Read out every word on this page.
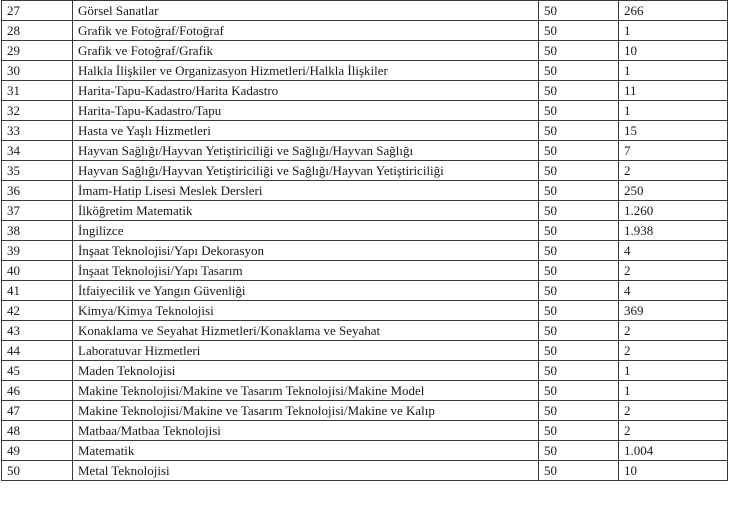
27	Görsel Sanatlar	50	266
28	Grafik ve Fotoğraf/Fotoğraf	50	1
29	Grafik ve Fotoğraf/Grafik	50	10
30	Halkla İlişkiler ve Organizasyon Hizmetleri/Halkla İlişkiler	50	1
31	Harita-Tapu-Kadastro/Harita Kadastro	50	11
32	Harita-Tapu-Kadastro/Tapu	50	1
33	Hasta ve Yaşlı Hizmetleri	50	15
34	Hayvan Sağlığı/Hayvan Yetiştiriciliği ve Sağlığı/Hayvan Sağlığı	50	7
35	Hayvan Sağlığı/Hayvan Yetiştiriciliği ve Sağlığı/Hayvan Yetiştiriciliği	50	2
36	İmam-Hatip Lisesi Meslek Dersleri	50	250
37	İlköğretim Matematik	50	1.260
38	İngilizce	50	1.938
39	İnşaat Teknolojisi/Yapı Dekorasyon	50	4
40	İnşaat Teknolojisi/Yapı Tasarım	50	2
41	İtfaiyecilik ve Yangın Güvenliği	50	4
42	Kimya/Kimya Teknolojisi	50	369
43	Konaklama ve Seyahat Hizmetleri/Konaklama ve Seyahat	50	2
44	Laboratuvar Hizmetleri	50	2
45	Maden Teknolojisi	50	1
46	Makine Teknolojisi/Makine ve Tasarım Teknolojisi/Makine Model	50	1
47	Makine Teknolojisi/Makine ve Tasarım Teknolojisi/Makine ve Kalıp	50	2
48	Matbaa/Matbaa Teknolojisi	50	2
49	Matematik	50	1.004
50	Metal Teknolojisi	50	10
